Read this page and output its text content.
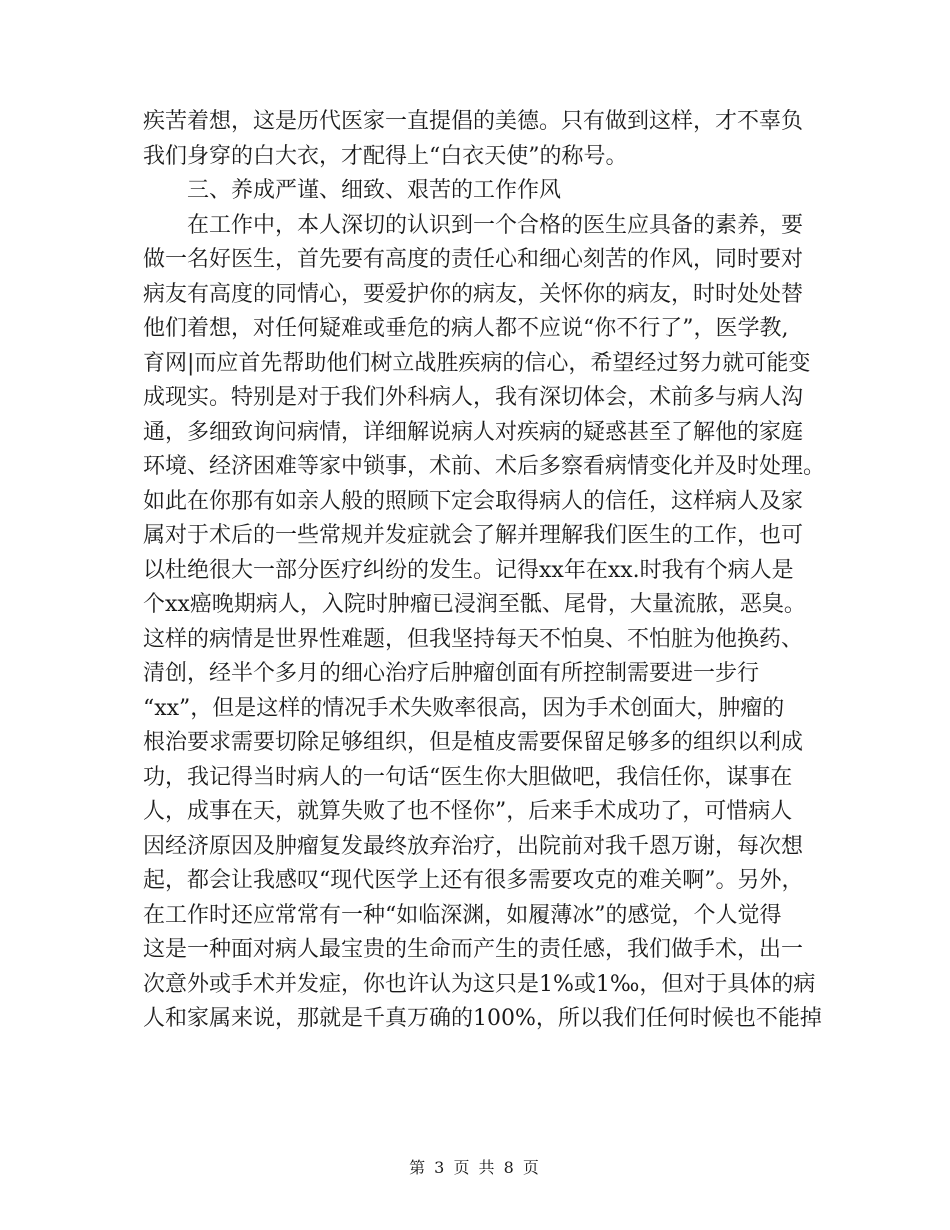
疾苦着想，这是历代医家一直提倡的美德。只有做到这样，才不辜负
我们身穿的白大衣，才配得上“白衣天使”的称号。
三、养成严谨、细致、艰苦的工作作风
在工作中，本人深切的认识到一个合格的医生应具备的素养，要
做一名好医生，首先要有高度的责任心和细心刻苦的作风，同时要对
病友有高度的同情心，要爱护你的病友，关怀你的病友，时时处处替
他们着想，对任何疑难或垂危的病人都不应说“你不行了”，医学教,
育网|而应首先帮助他们树立战胜疾病的信心，希望经过努力就可能变
成现实。特别是对于我们外科病人，我有深切体会，术前多与病人沟
通，多细致询问病情，详细解说病人对疾病的疑惑甚至了解他的家庭
环境、经济困难等家中锁事，术前、术后多察看病情变化并及时处理。
如此在你那有如亲人般的照顾下定会取得病人的信任，这样病人及家
属对于术后的一些常规并发症就会了解并理解我们医生的工作，也可
以杜绝很大一部分医疗纠纷的发生。记得xx年在xx.时我有个病人是
个xx癌晚期病人，入院时肿瘤已浸润至骶、尾骨，大量流脓，恶臭。
这样的病情是世界性难题，但我坚持每天不怕臭、不怕脏为他换药、
清创，经半个多月的细心治疗后肿瘤创面有所控制需要进一步行
“xx”，但是这样的情况手术失败率很高，因为手术创面大，肿瘤的
根治要求需要切除足够组织，但是植皮需要保留足够多的组织以利成
功，我记得当时病人的一句话“医生你大胆做吧，我信任你，谋事在
人，成事在天，就算失败了也不怪你”，后来手术成功了，可惜病人
因经济原因及肿瘤复发最终放弃治疗，出院前对我千恩万谢，每次想
起，都会让我感叹“现代医学上还有很多需要攻克的难关啊”。另外，
在工作时还应常常有一种“如临深渊，如履薄冰”的感觉，个人觉得
这是一种面对病人最宝贵的生命而产生的责任感，我们做手术，出一
次意外或手术并发症，你也许认为这只是1%或1‰，但对于具体的病
人和家属来说，那就是千真万确的100%，所以我们任何时候也不能掉
第 3 页 共 8 页
